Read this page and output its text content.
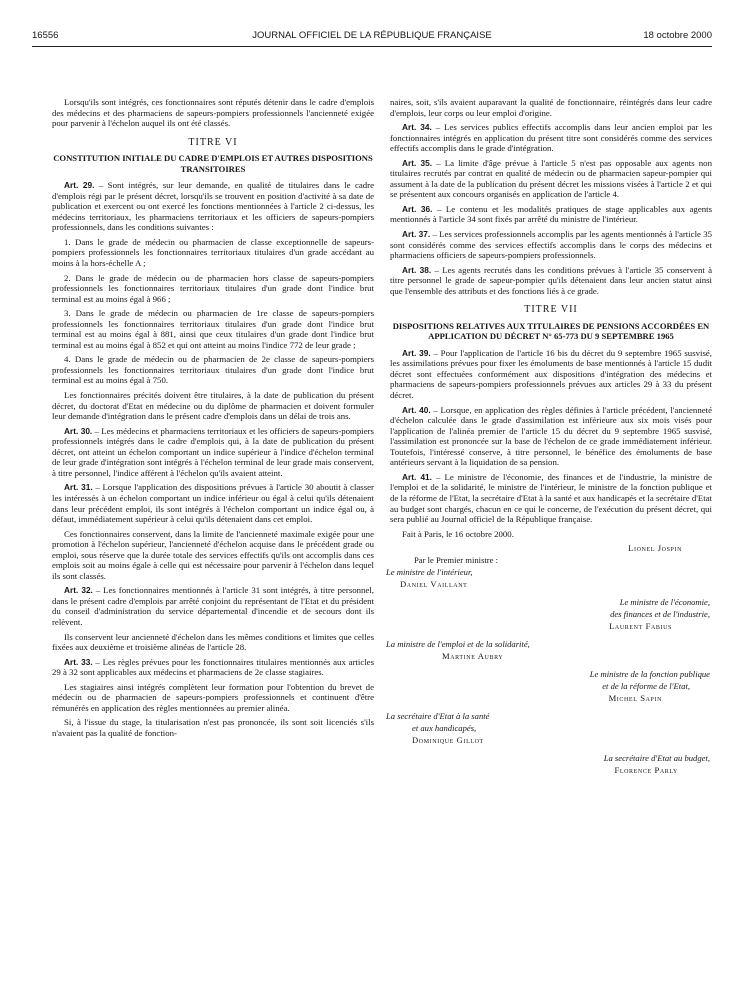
16556	JOURNAL OFFICIEL DE LA RÉPUBLIQUE FRANÇAISE	18 octobre 2000

Lorsqu'ils sont intégrés, ces fonctionnaires sont réputés détenir dans le cadre d'emplois des médecins et des pharmaciens de sapeurs-pompiers professionnels l'ancienneté exigée pour parvenir à l'échelon auquel ils ont été classés.

TITRE VI
CONSTITUTION INITIALE DU CADRE D'EMPLOIS ET AUTRES DISPOSITIONS TRANSITOIRES

Art. 29. – Sont intégrés, sur leur demande, en qualité de titulaires dans le cadre d'emplois régi par le présent décret, lorsqu'ils se trouvent en position d'activité à sa date de publication et exercent ou ont exercé les fonctions mentionnées à l'article 2 ci-dessus, les médecins territoriaux, les pharmaciens territoriaux et les officiers de sapeurs-pompiers professionnels, dans les conditions suivantes :

1. Dans le grade de médecin ou pharmacien de classe exceptionnelle de sapeurs-pompiers professionnels les fonctionnaires territoriaux titulaires d'un grade accédant au moins à la hors-échelle A ;

2. Dans le grade de médecin ou de pharmacien hors classe de sapeurs-pompiers professionnels les fonctionnaires territoriaux titulaires d'un grade dont l'indice brut terminal est au moins égal à 966 ;

3. Dans le grade de médecin ou pharmacien de 1re classe de sapeurs-pompiers professionnels les fonctionnaires territoriaux titulaires d'un grade dont l'indice brut terminal est au moins égal à 881, ainsi que ceux titulaires d'un grade dont l'indice brut terminal est au moins égal à 852 et qui ont atteint au moins l'indice 772 de leur grade ;

4. Dans le grade de médecin ou de pharmacien de 2e classe de sapeurs-pompiers professionnels les fonctionnaires territoriaux titulaires d'un grade dont l'indice brut terminal est au moins égal à 750.

Les fonctionnaires précités doivent être titulaires, à la date de publication du présent décret, du doctorat d'Etat en médecine ou du diplôme de pharmacien et doivent formuler leur demande d'intégration dans le présent cadre d'emplois dans un délai de trois ans.

Art. 30. – Les médecins et pharmaciens territoriaux et les officiers de sapeurs-pompiers professionnels intégrés dans le cadre d'emplois qui, à la date de publication du présent décret, ont atteint un échelon comportant un indice supérieur à l'indice d'échelon terminal de leur grade d'intégration sont intégrés à l'échelon terminal de leur grade mais conservent, à titre personnel, l'indice afférent à l'échelon qu'ils avaient atteint.

Art. 31. – Lorsque l'application des dispositions prévues à l'article 30 aboutit à classer les intéressés à un échelon comportant un indice inférieur ou égal à celui qu'ils détenaient dans leur précédent emploi, ils sont intégrés à l'échelon comportant un indice égal ou, à défaut, immédiatement supérieur à celui qu'ils détenaient dans cet emploi.

Ces fonctionnaires conservent, dans la limite de l'ancienneté maximale exigée pour une promotion à l'échelon supérieur, l'ancienneté d'échelon acquise dans le précédent grade ou emploi, sous réserve que la durée totale des services effectifs qu'ils ont accomplis dans ces emplois soit au moins égale à celle qui est nécessaire pour parvenir à l'échelon dans lequel ils sont classés.

Art. 32. – Les fonctionnaires mentionnés à l'article 31 sont intégrés, à titre personnel, dans le présent cadre d'emplois par arrêté conjoint du représentant de l'Etat et du président du conseil d'administration du service départemental d'incendie et de secours dont ils relèvent.

Ils conservent leur ancienneté d'échelon dans les mêmes conditions et limites que celles fixées aux deuxième et troisième alinéas de l'article 28.

Art. 33. – Les règles prévues pour les fonctionnaires titulaires mentionnés aux articles 29 à 32 sont applicables aux médecins et pharmaciens de 2e classe stagiaires.

Les stagiaires ainsi intégrés complètent leur formation pour l'obtention du brevet de médecin ou de pharmacien de sapeurs-pompiers professionnels et continuent d'être rémunérés en application des règles mentionnées au premier alinéa.

Si, à l'issue du stage, la titularisation n'est pas prononcée, ils sont soit licenciés s'ils n'avaient pas la qualité de fonction-

naires, soit, s'ils avaient auparavant la qualité de fonctionnaire, réintégrés dans leur cadre d'emplois, leur corps ou leur emploi d'origine.

Art. 34. – Les services publics effectifs accomplis dans leur ancien emploi par les fonctionnaires intégrés en application du présent titre sont considérés comme des services effectifs accomplis dans le grade d'intégration.

Art. 35. – La limite d'âge prévue à l'article 5 n'est pas opposable aux agents non titulaires recrutés par contrat en qualité de médecin ou de pharmacien sapeur-pompier qui assument à la date de la publication du présent décret les missions visées à l'article 2 et qui se présentent aux concours organisés en application de l'article 4.

Art. 36. – Le contenu et les modalités pratiques de stage applicables aux agents mentionnés à l'article 34 sont fixés par arrêté du ministre de l'intérieur.

Art. 37. – Les services professionnels accomplis par les agents mentionnés à l'article 35 sont considérés comme des services effectifs accomplis dans le corps des médecins et pharmaciens officiers de sapeurs-pompiers professionnels.

Art. 38. – Les agents recrutés dans les conditions prévues à l'article 35 conservent à titre personnel le grade de sapeur-pompier qu'ils détenaient dans leur ancien statut ainsi que l'ensemble des attributs et des fonctions liés à ce grade.

TITRE VII
DISPOSITIONS RELATIVES AUX TITULAIRES DE PENSIONS ACCORDÉES EN APPLICATION DU DÉCRET N° 65-773 DU 9 SEPTEMBRE 1965

Art. 39. – Pour l'application de l'article 16 bis du décret du 9 septembre 1965 susvisé, les assimilations prévues pour fixer les émoluments de base mentionnés à l'article 15 dudit décret sont effectuées conformément aux dispositions d'intégration des médecins et pharmaciens de sapeurs-pompiers professionnels prévues aux articles 29 à 33 du présent décret.

Art. 40. – Lorsque, en application des règles définies à l'article précédent, l'ancienneté d'échelon calculée dans le grade d'assimilation est inférieure aux six mois visés pour l'application de l'alinéa premier de l'article 15 du décret du 9 septembre 1965 susvisé, l'assimilation est prononcée sur la base de l'échelon de ce grade immédiatement inférieur. Toutefois, l'intéressé conserve, à titre personnel, le bénéfice des émoluments de base antérieurs servant à la liquidation de sa pension.

Art. 41. – Le ministre de l'économie, des finances et de l'industrie, la ministre de l'emploi et de la solidarité, le ministre de l'intérieur, le ministre de la fonction publique et de la réforme de l'Etat, la secrétaire d'Etat à la santé et aux handicapés et la secrétaire d'Etat au budget sont chargés, chacun en ce qui le concerne, de l'exécution du présent décret, qui sera publié au Journal officiel de la République française.

Fait à Paris, le 16 octobre 2000.

Lionel Jospin
Par le Premier ministre :
Le ministre de l'intérieur,
Daniel Vaillant
Le ministre de l'économie,
des finances et de l'industrie,
Laurent Fabius
La ministre de l'emploi et de la solidarité,
Martine Aubry
Le ministre de la fonction publique
et de la réforme de l'Etat,
Michel Sapin
La secrétaire d'Etat à la santé
et aux handicapés,
Dominique Gillot
La secrétaire d'Etat au budget,
Florence Parly
